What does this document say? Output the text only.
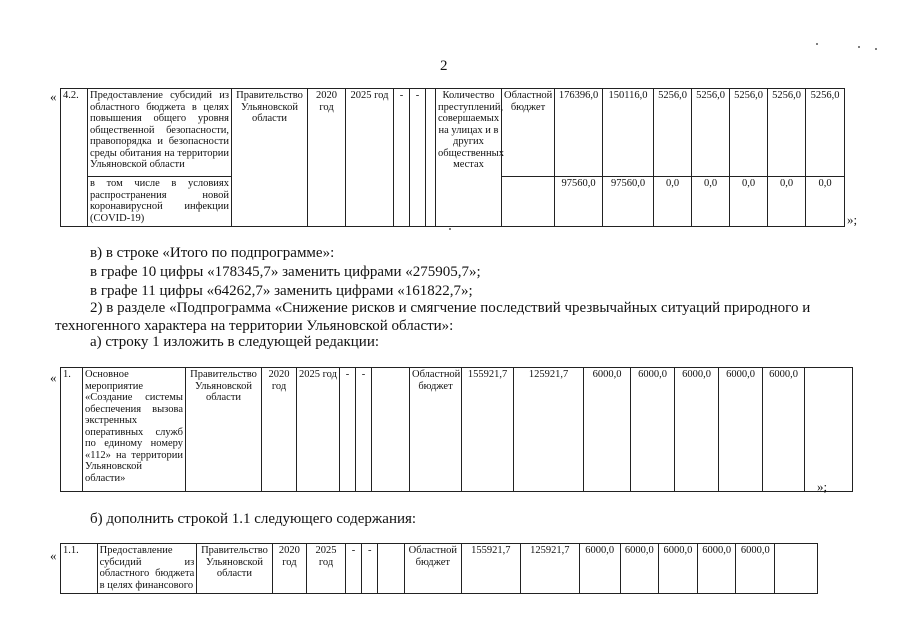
2
« 4.2.	Предоставление субсидий из областного бюджета в целях повышения общего уровня общественной безопасности, правопорядка и безопасности среды обитания на территории Ульяновской области	Правительство Ульяновской области	2020 год	2025 год	-	-		Количество преступлений, совершаемых на улицах и в других общественных местах	Областной бюджет	176396,0	150116,0	5256,0	5256,0	5256,0	5256,0	5256,0
	в том числе в условиях распространения новой коронавирусной инфекции (COVID-19)									97560,0	97560,0	0,0	0,0	0,0	0,0	0,0
»;
в) в строке «Итого по подпрограмме»:
в графе 10 цифры «178345,7» заменить цифрами «275905,7»;
в графе 11 цифры «64262,7» заменить цифрами «161822,7»;
2) в разделе «Подпрограмма «Снижение рисков и смягчение последствий чрезвычайных ситуаций природного и
техногенного характера на территории Ульяновской области»:
а) строку 1 изложить в следующей редакции:
« 1.	Основное мероприятие «Создание системы обеспечения вызова экстренных оперативных служб по единому номеру «112» на территории Ульяновской области»	Правительство Ульяновской области	2020 год	2025 год	-	-		Областной бюджет	155921,7	125921,7	6000,0	6000,0	6000,0	6000,0	6000,0	
»;
б) дополнить строкой 1.1 следующего содержания:
« 1.1.	Предоставление субсидий из областного бюджета в целях финансового	Правительство Ульяновской области	2020 год	2025 год	-	-		Областной бюджет	155921,7	125921,7	6000,0	6000,0	6000,0	6000,0	6000,0	
